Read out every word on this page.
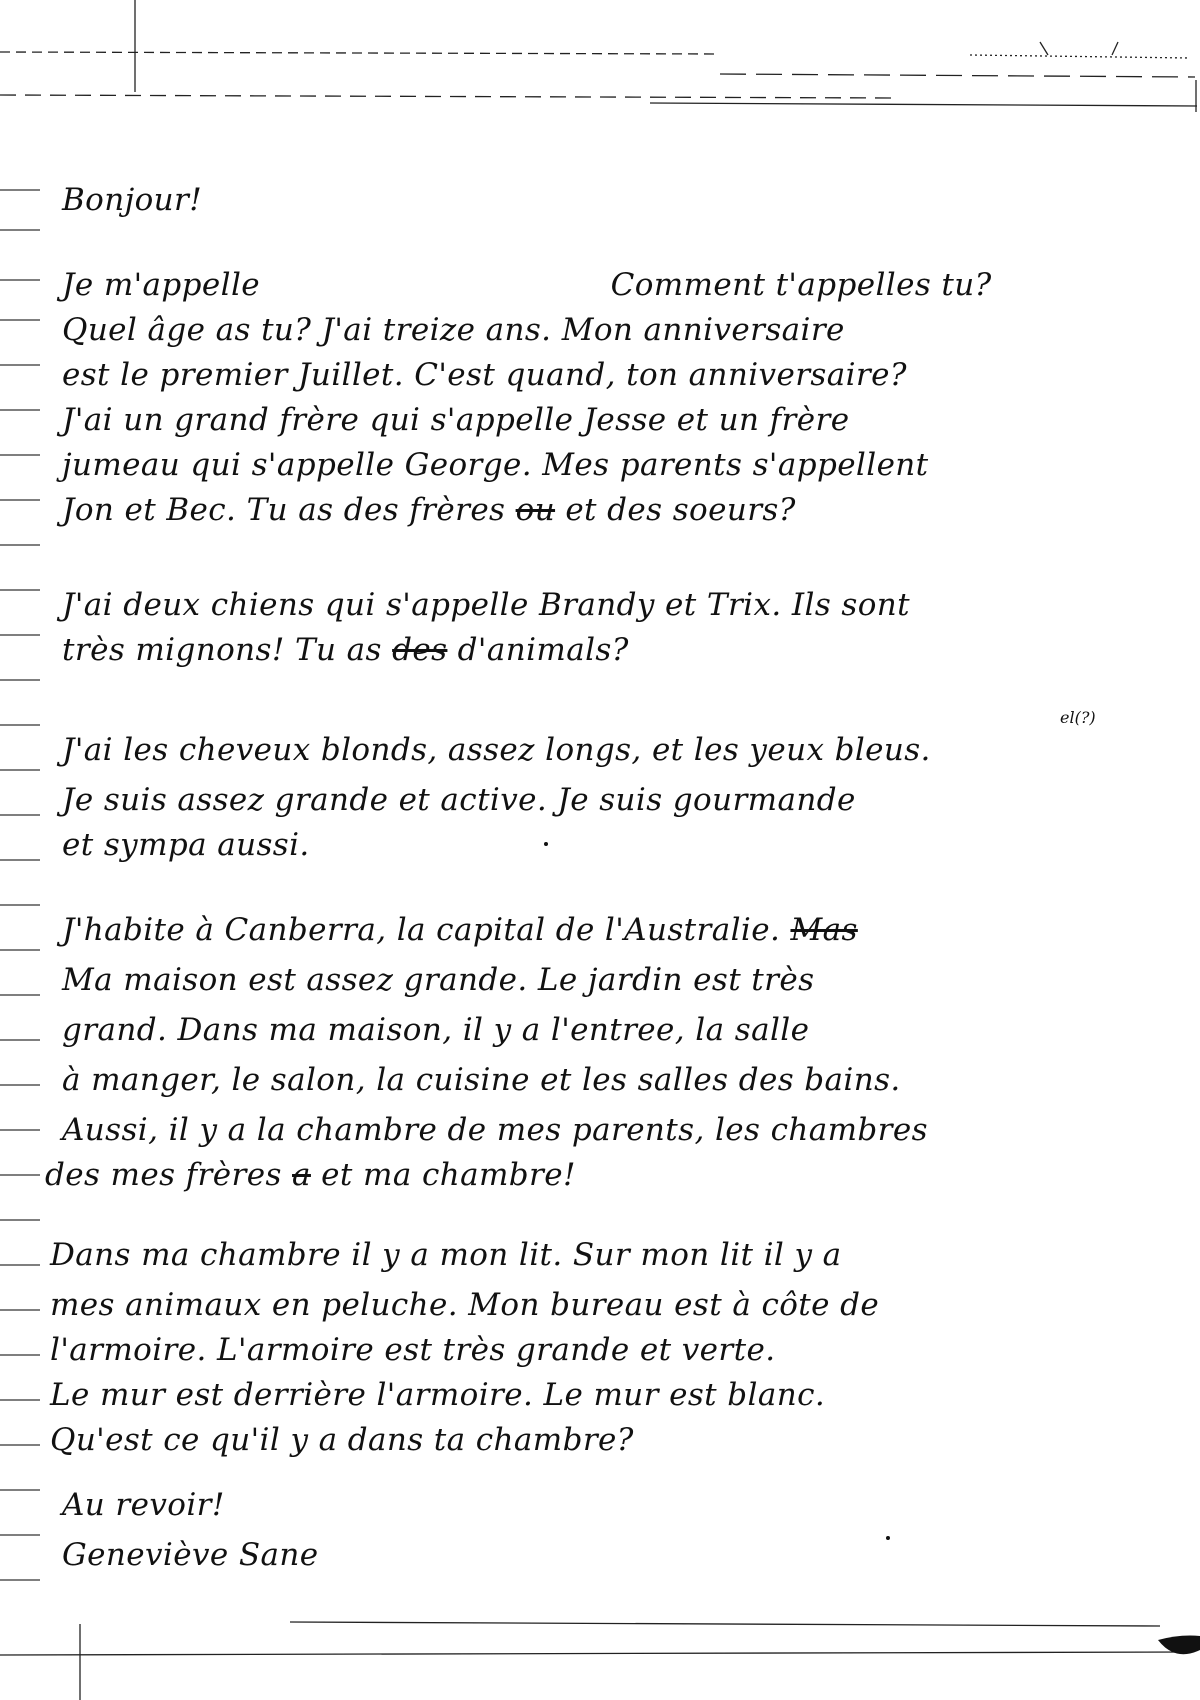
Bonjour!
Je m'appelle	Comment t'appelles tu?
Quel âge as tu? J'ai treize ans. Mon anniversaire
est le premier Juillet. C'est quand, ton anniversaire?
J'ai un grand frère qui s'appelle Jesse et un frère
jumeau qui s'appelle George. Mes parents s'appellent
Jon et Bec. Tu as des frères ou et des soeurs?
J'ai deux chiens qui s'appelle Brandy et Trix. Ils sont
très mignons! Tu as des d'animals?
el(?)
J'ai les cheveux blonds, assez longs, et les yeux bleus.
Je suis assez grande et active. Je suis gourmande
et sympa aussi.
J'habite à Canberra, la capital de l'Australie. Mas
Ma maison est assez grande. Le jardin est très
grand. Dans ma maison, il y a l'entree, la salle
à manger, le salon, la cuisine et les salles des bains.
Aussi, il y a la chambre de mes parents, les chambres
des mes frères a et ma chambre!
Dans ma chambre il y a mon lit. Sur mon lit il y a
mes animaux en peluche. Mon bureau est à côte de
l'armoire. L'armoire est très grande et verte.
Le mur est derrière l'armoire. Le mur est blanc.
Qu'est ce qu'il y a dans ta chambre?
Au revoir!
Geneviève Sane
